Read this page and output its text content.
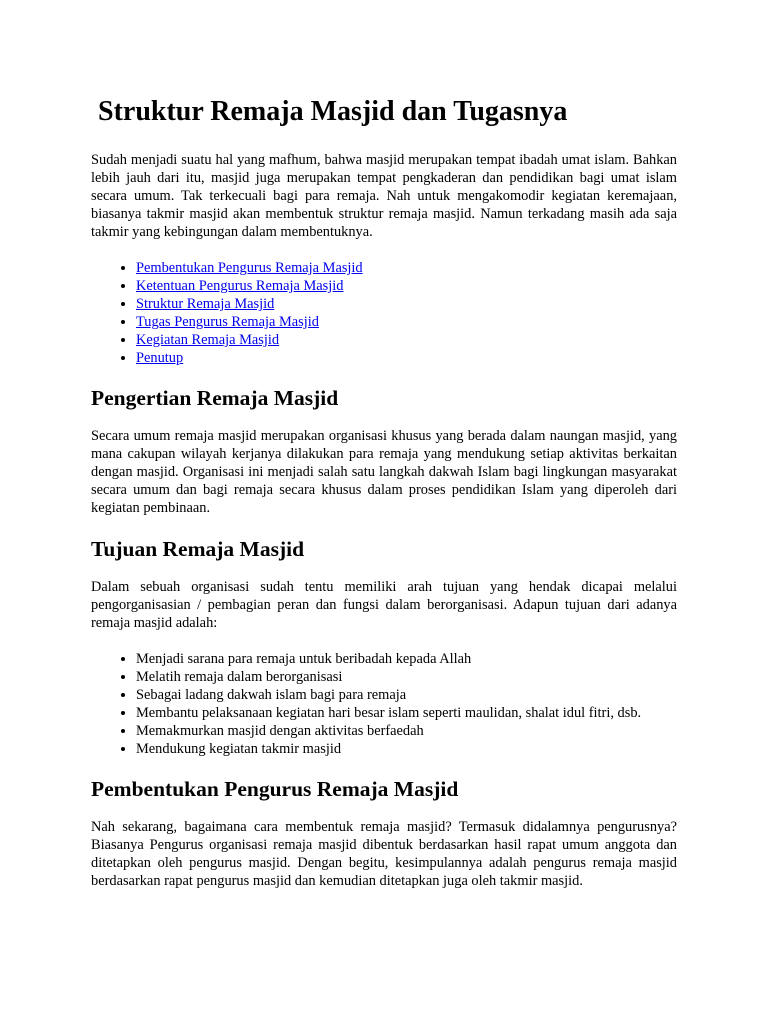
Struktur Remaja Masjid dan Tugasnya

Sudah menjadi suatu hal yang mafhum, bahwa masjid merupakan tempat ibadah umat islam. Bahkan lebih jauh dari itu, masjid juga merupakan tempat pengkaderan dan pendidikan bagi umat islam secara umum. Tak terkecuali bagi para remaja. Nah untuk mengakomodir kegiatan keremajaan, biasanya takmir masjid akan membentuk struktur remaja masjid. Namun terkadang masih ada saja takmir yang kebingungan dalam membentuknya.

• Pembentukan Pengurus Remaja Masjid
• Ketentuan Pengurus Remaja Masjid
• Struktur Remaja Masjid
• Tugas Pengurus Remaja Masjid
• Kegiatan Remaja Masjid
• Penutup
Pengertian Remaja Masjid

Secara umum remaja masjid merupakan organisasi khusus yang berada dalam naungan masjid, yang mana cakupan wilayah kerjanya dilakukan para remaja yang mendukung setiap aktivitas berkaitan dengan masjid. Organisasi ini menjadi salah satu langkah dakwah Islam bagi lingkungan masyarakat secara umum dan bagi remaja secara khusus dalam proses pendidikan Islam yang diperoleh dari kegiatan pembinaan.

Tujuan Remaja Masjid

Dalam sebuah organisasi sudah tentu memiliki arah tujuan yang hendak dicapai melalui pengorganisasian / pembagian peran dan fungsi dalam berorganisasi. Adapun tujuan dari adanya remaja masjid adalah:

• Menjadi sarana para remaja untuk beribadah kepada Allah
• Melatih remaja dalam berorganisasi
• Sebagai ladang dakwah islam bagi para remaja
• Membantu pelaksanaan kegiatan hari besar islam seperti maulidan, shalat idul fitri, dsb.
• Memakmurkan masjid dengan aktivitas berfaedah
• Mendukung kegiatan takmir masjid
Pembentukan Pengurus Remaja Masjid

Nah sekarang, bagaimana cara membentuk remaja masjid? Termasuk didalamnya pengurusnya? Biasanya Pengurus organisasi remaja masjid dibentuk berdasarkan hasil rapat umum anggota dan ditetapkan oleh pengurus masjid. Dengan begitu, kesimpulannya adalah pengurus remaja masjid berdasarkan rapat pengurus masjid dan kemudian ditetapkan juga oleh takmir masjid.
